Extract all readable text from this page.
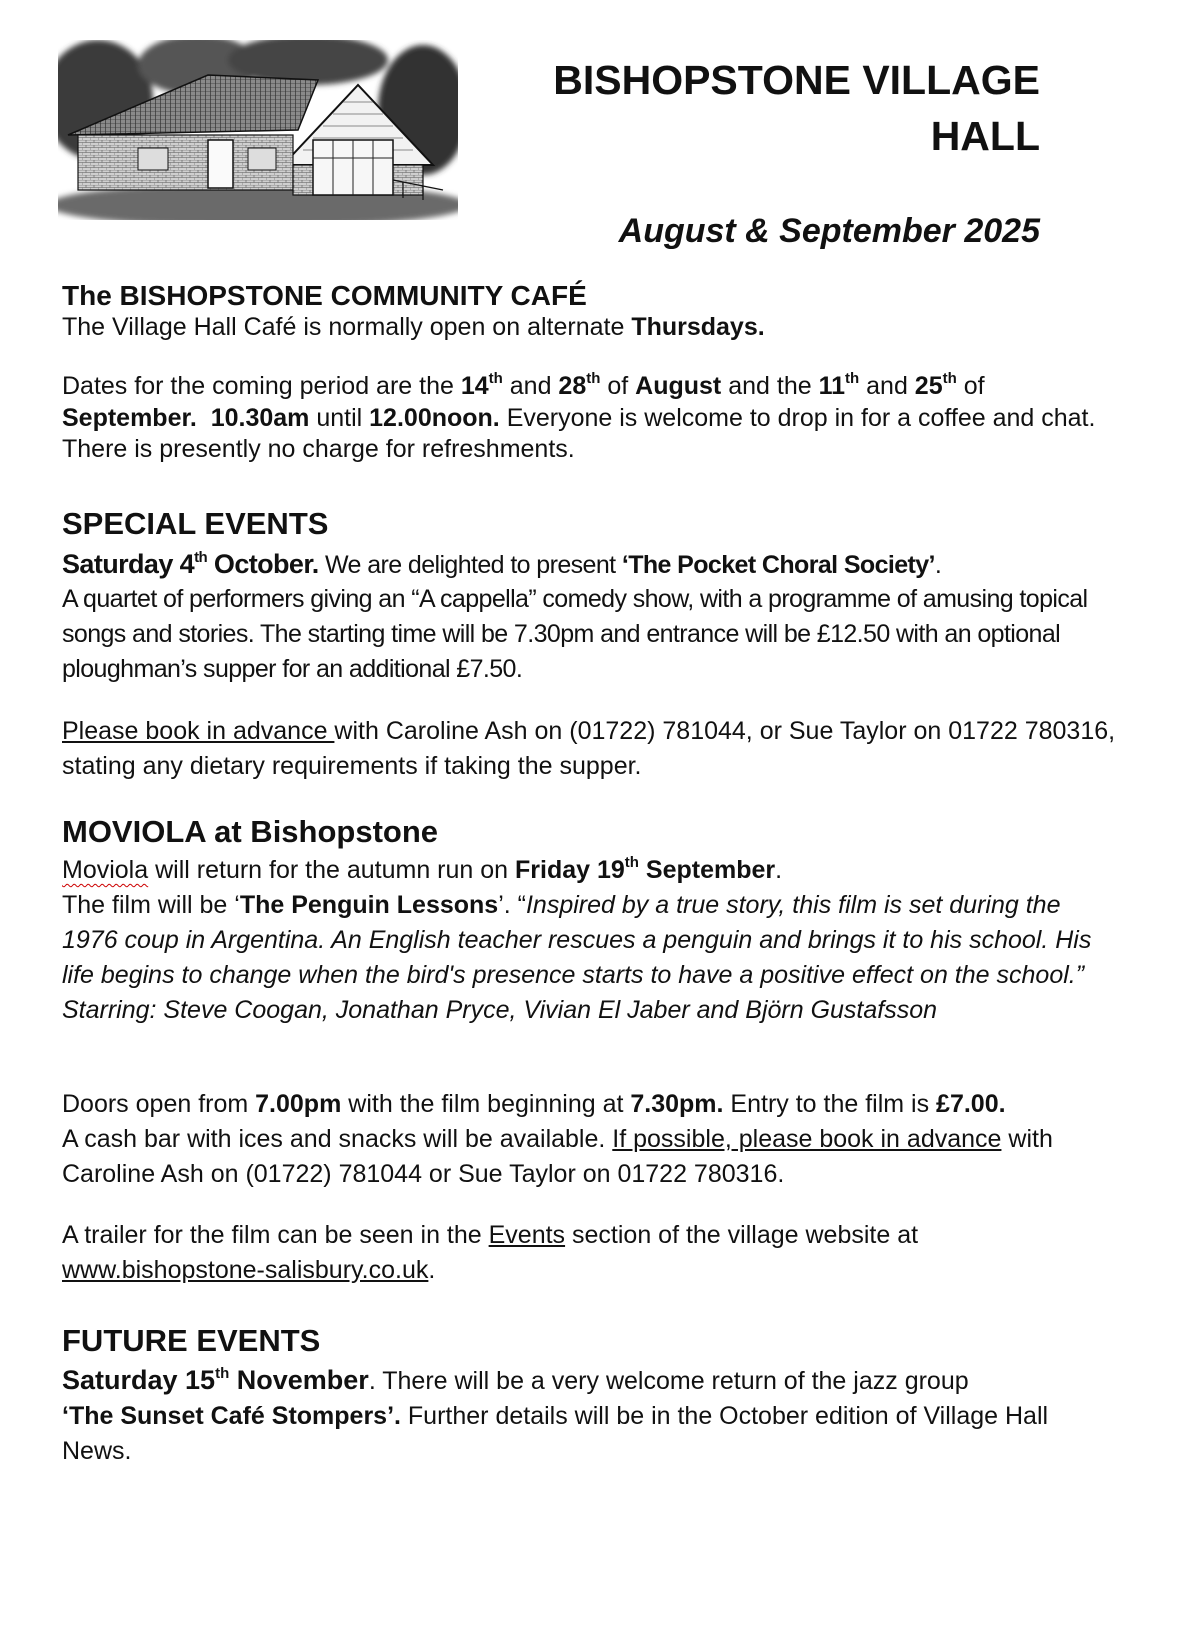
BISHOPSTONE VILLAGE
HALL
August & September 2025
The BISHOPSTONE COMMUNITY CAFÉ
The Village Hall Café is normally open on alternate Thursdays.
Dates for the coming period are the 14th and 28th of August and the 11th and 25th of
September. 10.30am until 12.00noon. Everyone is welcome to drop in for a coffee and chat. There is presently no charge for refreshments.
SPECIAL EVENTS
Saturday 4th October. We are delighted to present ‘The Pocket Choral Society’.
A quartet of performers giving an “A cappella” comedy show, with a programme of amusing topical songs and stories. The starting time will be 7.30pm and entrance will be £12.50 with an optional ploughman’s supper for an additional £7.50.
Please book in advance with Caroline Ash on (01722) 781044, or Sue Taylor on 01722 780316, stating any dietary requirements if taking the supper.
MOVIOLA at Bishopstone
Moviola will return for the autumn run on Friday 19th September.
The film will be ‘The Penguin Lessons’. “Inspired by a true story, this film is set during the 1976 coup in Argentina. An English teacher rescues a penguin and brings it to his school. His life begins to change when the bird's presence starts to have a positive effect on the school.” Starring: Steve Coogan, Jonathan Pryce, Vivian El Jaber and Björn Gustafsson
Doors open from 7.00pm with the film beginning at 7.30pm. Entry to the film is £7.00.
A cash bar with ices and snacks will be available. If possible, please book in advance with Caroline Ash on (01722) 781044 or Sue Taylor on 01722 780316.
A trailer for the film can be seen in the Events section of the village website at www.bishopstone-salisbury.co.uk.
FUTURE EVENTS
Saturday 15th November. There will be a very welcome return of the jazz group
‘The Sunset Café Stompers’. Further details will be in the October edition of Village Hall News.
